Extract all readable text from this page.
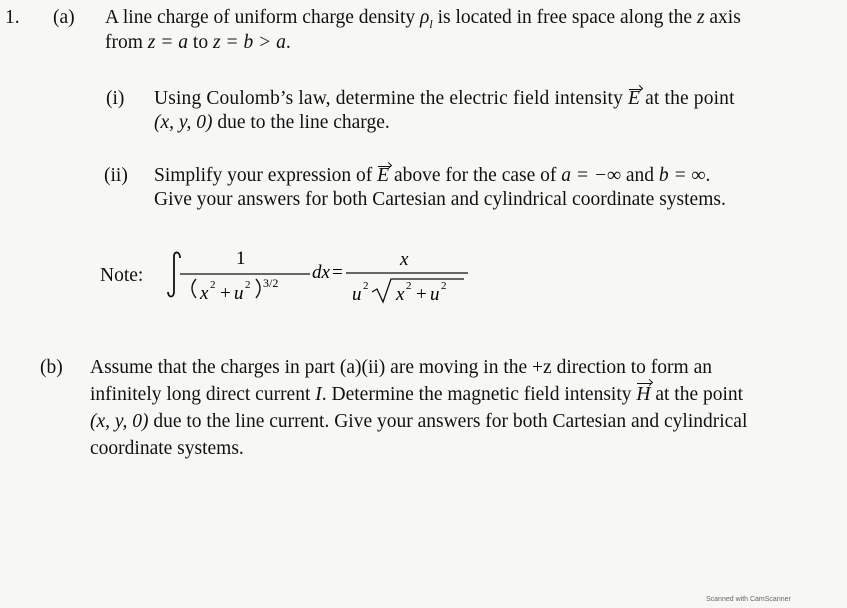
1. (a) A line charge of uniform charge density $\rho_l$ is located in free space along the z axis
from z = a to z = b > a.
(i) Using Coulomb’s law, determine the electric field intensity E at the point
(x, y, 0) due to the line charge.
(ii) Simplify your expression of E above for the case of a = −∞ and b = ∞.
Give your answers for both Cartesian and cylindrical coordinate systems.
Note:
1
x 2 + u 2 3/2 dx =
x
u 2 x 2 + u 2
(b) Assume that the charges in part (a)(ii) are moving in the +z direction to form an
infinitely long direct current I. Determine the magnetic field intensity H at the point
(x, y, 0) due to the line current. Give your answers for both Cartesian and cylindrical
coordinate systems.
Scanned with CamScanner
